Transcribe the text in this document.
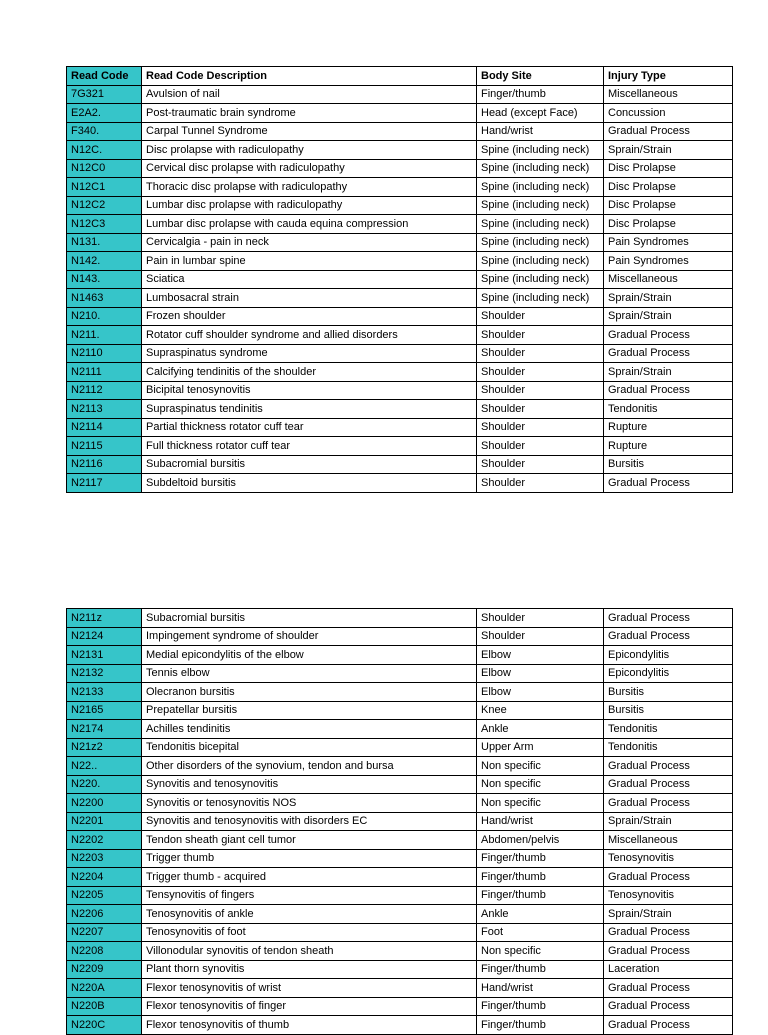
Read Code	Read Code Description	Body Site	Injury Type
7G321	Avulsion of nail	Finger/thumb	Miscellaneous
E2A2.	Post-traumatic brain syndrome	Head (except Face)	Concussion
F340.	Carpal Tunnel Syndrome	Hand/wrist	Gradual Process
N12C.	Disc prolapse with radiculopathy	Spine (including neck)	Sprain/Strain
N12C0	Cervical disc prolapse with radiculopathy	Spine (including neck)	Disc Prolapse
N12C1	Thoracic disc prolapse with radiculopathy	Spine (including neck)	Disc Prolapse
N12C2	Lumbar disc prolapse with radiculopathy	Spine (including neck)	Disc Prolapse
N12C3	Lumbar disc prolapse with cauda equina compression	Spine (including neck)	Disc Prolapse
N131.	Cervicalgia - pain in neck	Spine (including neck)	Pain Syndromes
N142.	Pain in lumbar spine	Spine (including neck)	Pain Syndromes
N143.	Sciatica	Spine (including neck)	Miscellaneous
N1463	Lumbosacral strain	Spine (including neck)	Sprain/Strain
N210.	Frozen shoulder	Shoulder	Sprain/Strain
N211.	Rotator cuff shoulder syndrome and allied disorders	Shoulder	Gradual Process
N2110	Supraspinatus syndrome	Shoulder	Gradual Process
N2111	Calcifying tendinitis of the shoulder	Shoulder	Sprain/Strain
N2112	Bicipital tenosynovitis	Shoulder	Gradual Process
N2113	Supraspinatus tendinitis	Shoulder	Tendonitis
N2114	Partial thickness rotator cuff tear	Shoulder	Rupture
N2115	Full thickness rotator cuff tear	Shoulder	Rupture
N2116	Subacromial bursitis	Shoulder	Bursitis
N2117	Subdeltoid bursitis	Shoulder	Gradual Process
N211z	Subacromial bursitis	Shoulder	Gradual Process
N2124	Impingement syndrome of shoulder	Shoulder	Gradual Process
N2131	Medial epicondylitis of the elbow	Elbow	Epicondylitis
N2132	Tennis elbow	Elbow	Epicondylitis
N2133	Olecranon bursitis	Elbow	Bursitis
N2165	Prepatellar bursitis	Knee	Bursitis
N2174	Achilles tendinitis	Ankle	Tendonitis
N21z2	Tendonitis bicepital	Upper Arm	Tendonitis
N22..	Other disorders of the synovium, tendon and bursa	Non specific	Gradual Process
N220.	Synovitis and tenosynovitis	Non specific	Gradual Process
N2200	Synovitis or tenosynovitis NOS	Non specific	Gradual Process
N2201	Synovitis and tenosynovitis with disorders EC	Hand/wrist	Sprain/Strain
N2202	Tendon sheath giant cell tumor	Abdomen/pelvis	Miscellaneous
N2203	Trigger thumb	Finger/thumb	Tenosynovitis
N2204	Trigger thumb - acquired	Finger/thumb	Gradual Process
N2205	Tensynovitis of fingers	Finger/thumb	Tenosynovitis
N2206	Tenosynovitis of ankle	Ankle	Sprain/Strain
N2207	Tenosynovitis of foot	Foot	Gradual Process
N2208	Villonodular synovitis of tendon sheath	Non specific	Gradual Process
N2209	Plant thorn synovitis	Finger/thumb	Laceration
N220A	Flexor tenosynovitis of wrist	Hand/wrist	Gradual Process
N220B	Flexor tenosynovitis of finger	Finger/thumb	Gradual Process
N220C	Flexor tenosynovitis of thumb	Finger/thumb	Gradual Process
